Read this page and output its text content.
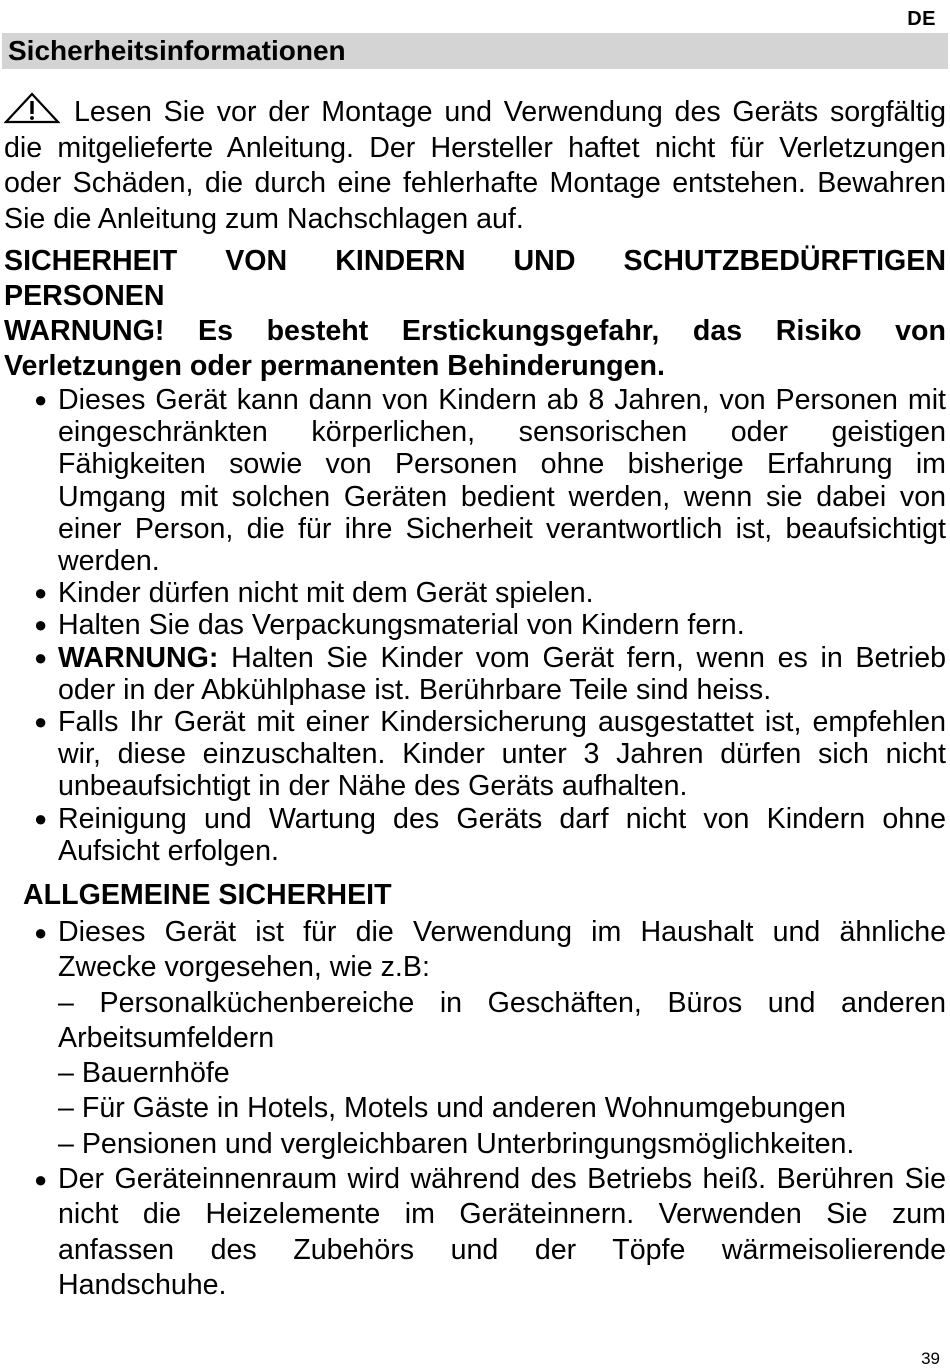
DE
Sicherheitsinformationen

Lesen Sie vor der Montage und Verwendung des Geräts sorgfältig die mitgelieferte Anleitung. Der Hersteller haftet nicht für Verletzungen oder Schäden, die durch eine fehlerhafte Montage entstehen. Bewahren Sie die Anleitung zum Nachschlagen auf.

SICHERHEIT VON KINDERN UND SCHUTZBEDÜRFTIGEN
PERSONEN
WARNUNG! Es besteht Erstickungsgefahr, das Risiko von Verletzungen oder permanenten Behinderungen.
● Dieses Gerät kann dann von Kindern ab 8 Jahren, von Personen mit eingeschränkten körperlichen, sensorischen oder geistigen Fähigkeiten sowie von Personen ohne bisherige Erfahrung im Umgang mit solchen Geräten bedient werden, wenn sie dabei von einer Person, die für ihre Sicherheit verantwortlich ist, beaufsichtigt werden.
● Kinder dürfen nicht mit dem Gerät spielen.
● Halten Sie das Verpackungsmaterial von Kindern fern.
● WARNUNG: Halten Sie Kinder vom Gerät fern, wenn es in Betrieb oder in der Abkühlphase ist. Berührbare Teile sind heiss.
● Falls Ihr Gerät mit einer Kindersicherung ausgestattet ist, empfehlen wir, diese einzuschalten. Kinder unter 3 Jahren dürfen sich nicht unbeaufsichtigt in der Nähe des Geräts aufhalten.
● Reinigung und Wartung des Geräts darf nicht von Kindern ohne Aufsicht erfolgen.
ALLGEMEINE SICHERHEIT
● Dieses Gerät ist für die Verwendung im Haushalt und ähnliche Zwecke vorgesehen, wie z.B:
– Personalküchenbereiche in Geschäften, Büros und anderen Arbeitsumfeldern
– Bauernhöfe
– Für Gäste in Hotels, Motels und anderen Wohnumgebungen
– Pensionen und vergleichbaren Unterbringungsmöglichkeiten.
● Der Geräteinnenraum wird während des Betriebs heiß. Berühren Sie nicht die Heizelemente im Geräteinnern. Verwenden Sie zum anfassen des Zubehörs und der Töpfe wärmeisolierende Handschuhe.
39
